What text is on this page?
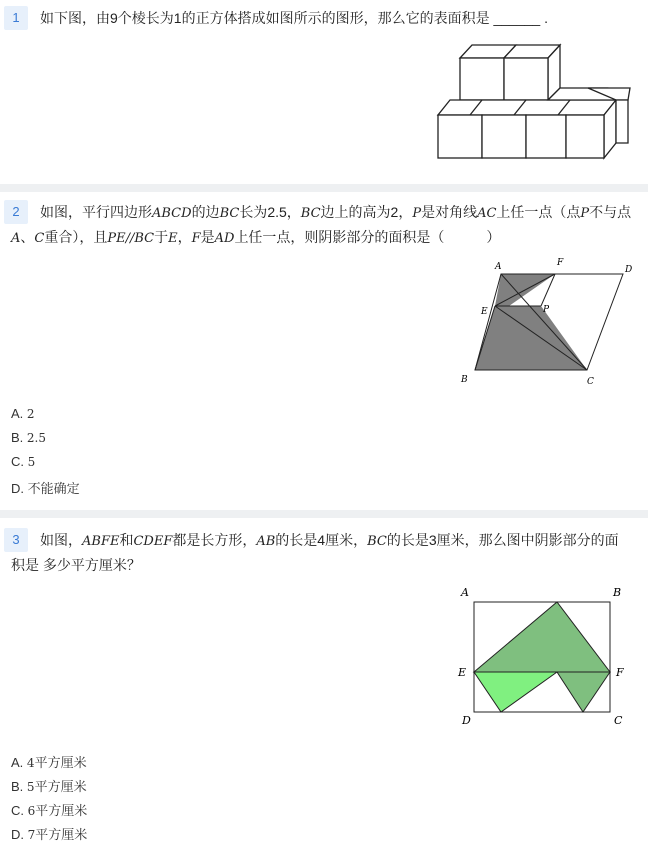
1	如下图，由9个棱长为1的正方体搭成如图所示的图形，那么它的表面积是 ______ .
2	如图，平行四边形ABCD的边BC长为2.5，BC边上的高为2，P是对角线AC上任一点（点P不与点
A、C重合），且PE//BC于E，F是AD上任一点，则阴影部分的面积是（　　　）
A	F
D
E	P
B	C
A. 2
B. 2.5
C. 5
D. 不能确定
3	如图，ABFE和CDEF都是长方形，AB的长是4厘米，BC的长是3厘米，那么图中阴影部分的面
积是 多少平方厘米？
A	B
E	F
D	C
A. 4平方厘米
B. 5平方厘米
C. 6平方厘米
D. 7平方厘米
